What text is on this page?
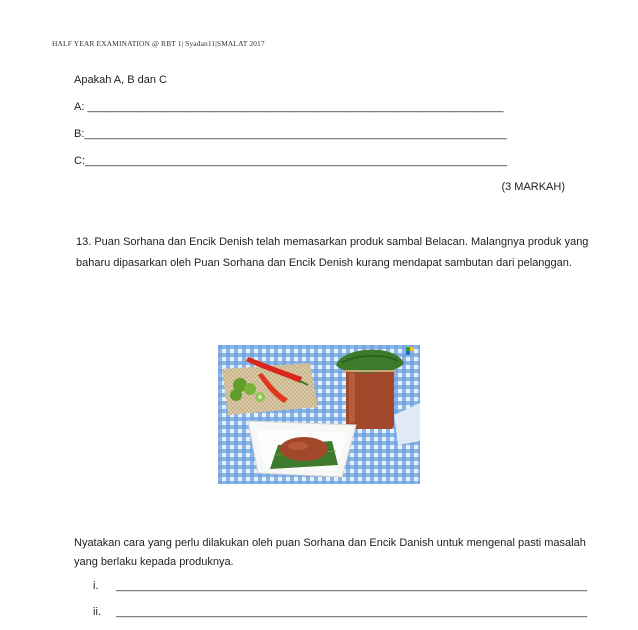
HALF YEAR EXAMINATION @ RBT 1| Syadan11|SMALAT 2017
Apakah A, B dan C
A: ____________________________________________________________________
B:_____________________________________________________________________
C:_____________________________________________________________________
(3 MARKAH)
13. Puan Sorhana dan Encik Denish telah memasarkan produk sambal Belacan. Malangnya produk yang
baharu dipasarkan oleh Puan Sorhana dan Encik Denish kurang mendapat sambutan dari pelanggan.
Nyatakan cara yang perlu dilakukan oleh puan Sorhana dan Encik Danish untuk mengenal pasti masalah
yang berlaku kepada produknya.
i. _____________________________________________________________________________
ii. _____________________________________________________________________________
